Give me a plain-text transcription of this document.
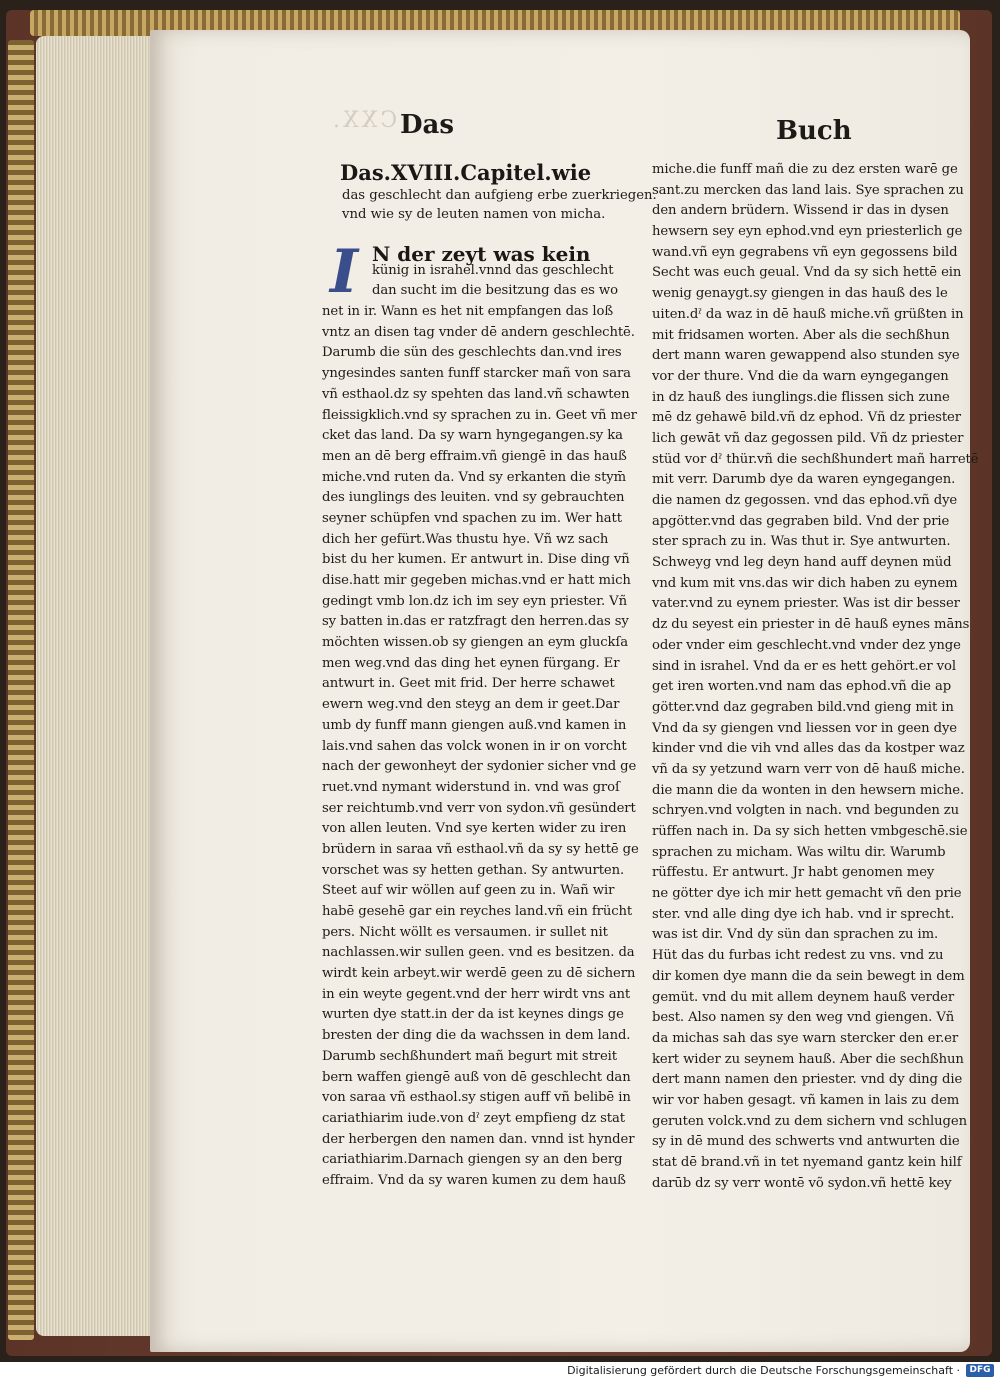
CXX. Das	Buch
Das.XVIII.Capitel.wie
das geschlecht dan aufgieng erbe zuerkriegen.
vnd wie sy de leuten namen von micha.
I N der zeyt was kein
künig in israhel.vnnd das geschlecht
dan sucht im die besitzung das es wo
net in ir. Wann es het nit empfangen das loß
vntz an disen tag vnder dē andern geschlechtē.
Darumb die sün des geschlechts dan.vnd ires
yngesindes santen funff starcker mañ von sara
vñ esthaol.dz sy spehten das land.vñ schawten
fleissigklich.vnd sy sprachen zu in. Geet vñ mer
cket das land. Da sy warn hyngegangen.sy ka
men an dē berg effraim.vñ giengē in das hauß
miche.vnd ruten da. Vnd sy erkanten die stym̄
des iunglings des leuiten. vnd sy gebrauchten
seyner schüpfen vnd spachen zu im. Wer hatt
dich her gefürt.Was thustu hye. Vñ wz sach
bist du her kumen. Er antwurt in. Dise ding vñ
dise.hatt mir gegeben michas.vnd er hatt mich
gedingt vmb lon.dz ich im sey eyn priester. Vñ
sy batten in.das er ratzfragt den herren.das sy
möchten wissen.ob sy giengen an eym gluckſa
men weg.vnd das ding het eynen fürgang. Er
antwurt in. Geet mit frid. Der herre schawet
ewern weg.vnd den steyg an dem ir geet.Dar
umb dy funff mann giengen auß.vnd kamen in
lais.vnd sahen das volck wonen in ir on vorcht
nach der gewonheyt der sydonier sicher vnd ge
ruet.vnd nymant widerstund in. vnd was groſ
ser reichtumb.vnd verr von sydon.vñ gesündert
von allen leuten. Vnd sye kerten wider zu iren
brüdern in saraa vñ esthaol.vñ da sy sy hettē ge
vorschet was sy hetten gethan. Sy antwurten.
Steet auf wir wöllen auf geen zu in. Wañ wir
habē gesehē gar ein reyches land.vñ ein frücht
pers. Nicht wöllt es versaumen. ir sullet nit
nachlassen.wir sullen geen. vnd es besitzen. da
wirdt kein arbeyt.wir werdē geen zu dē sichern
in ein weyte gegent.vnd der herr wirdt vns ant
wurten dye statt.in der da ist keynes dings ge
bresten der ding die da wachssen in dem land.
Darumb sechßhundert mañ begurt mit streit
bern waffen giengē auß von dē geschlecht dan
von saraa vñ esthaol.sy stigen auff vñ belibē in
cariathiarim iude.von dˀ zeyt empfieng dz stat
der herbergen den namen dan. vnnd ist hynder
cariathiarim.Darnach giengen sy an den berg
effraim. Vnd da sy waren kumen zu dem hauß
miche.die funff mañ die zu dez ersten warē ge
sant.zu mercken das land lais. Sye sprachen zu
den andern brüdern. Wissend ir das in dysen
hewsern sey eyn ephod.vnd eyn priesterlich ge
wand.vñ eyn gegrabens vñ eyn gegossens bild
Secht was euch geual. Vnd da sy sich hettē ein
wenig genaygt.sy giengen in das hauß des le
uiten.dˀ da waz in dē hauß miche.vñ grüßten in
mit fridsamen worten. Aber als die sechßhun
dert mann waren gewappend also stunden sye
vor der thure. Vnd die da warn eyngegangen
in dz hauß des iunglings.die flissen sich zune
mē dz gehawē bild.vñ dz ephod. Vñ dz priester
lich gewāt vñ daz gegossen pild. Vñ dz priester
stüd vor dˀ thür.vñ die sechßhundert mañ harretē
mit verr. Darumb dye da waren eyngegangen.
die namen dz gegossen. vnd das ephod.vñ dye
apgötter.vnd das gegraben bild. Vnd der prie
ster sprach zu in. Was thut ir. Sye antwurten.
Schweyg vnd leg deyn hand auff deynen müd
vnd kum mit vns.das wir dich haben zu eynem
vater.vnd zu eynem priester. Was ist dir besser
dz du seyest ein priester in dē hauß eynes māns
oder vnder eim geschlecht.vnd vnder dez ynge
sind in israhel. Vnd da er es hett gehört.er vol
get iren worten.vnd nam das ephod.vñ die ap
götter.vnd daz gegraben bild.vnd gieng mit in
Vnd da sy giengen vnd liessen vor in geen dye
kinder vnd die vih vnd alles das da kostper waz
vñ da sy yetzund warn verr von dē hauß miche.
die mann die da wonten in den hewsern miche.
schryen.vnd volgten in nach. vnd begunden zu
rüffen nach in. Da sy sich hetten vmbgeschē.sie
sprachen zu micham. Was wiltu dir. Warumb
rüffestu. Er antwurt. Jr habt genomen mey
ne götter dye ich mir hett gemacht vñ den prie
ster. vnd alle ding dye ich hab. vnd ir sprecht.
was ist dir. Vnd dy sün dan sprachen zu im.
Hüt das du furbas icht redest zu vns. vnd zu
dir komen dye mann die da sein bewegt in dem
gemüt. vnd du mit allem deynem hauß verder
best. Also namen sy den weg vnd giengen. Vñ
da michas sah das sye warn stercker den er.er
kert wider zu seynem hauß. Aber die sechßhun
dert mann namen den priester. vnd dy ding die
wir vor haben gesagt. vñ kamen in lais zu dem
geruten volck.vnd zu dem sichern vnd schlugen
sy in dē mund des schwerts vnd antwurten die
stat dē brand.vñ in tet nyemand gantz kein hilf
darūb dz sy verr wontē võ sydon.vñ hettē key
Digitalisierung gefördert durch die Deutsche Forschungsgemeinschaft ·	DFG
